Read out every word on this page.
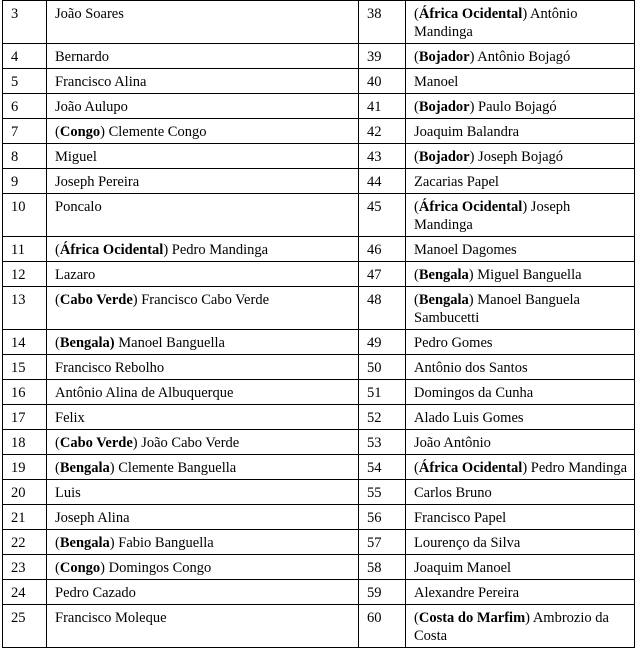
3	João Soares	38	(África Ocidental) Antônio Mandinga
4	Bernardo	39	(Bojador) Antônio Bojagó
5	Francisco Alina	40	Manoel
6	João Aulupo	41	(Bojador) Paulo Bojagó
7	(Congo) Clemente Congo	42	Joaquim Balandra
8	Miguel	43	(Bojador) Joseph Bojagó
9	Joseph Pereira	44	Zacarias Papel
10	Poncalo	45	(África Ocidental) Joseph Mandinga
11	(África Ocidental) Pedro Mandinga	46	Manoel Dagomes
12	Lazaro	47	(Bengala) Miguel Banguella
13	(Cabo Verde) Francisco Cabo Verde	48	(Bengala) Manoel Banguela Sambucetti
14	(Bengala) Manoel Banguella	49	Pedro Gomes
15	Francisco Rebolho	50	Antônio dos Santos
16	Antônio Alina de Albuquerque	51	Domingos da Cunha
17	Felix	52	Alado Luis Gomes
18	(Cabo Verde) João Cabo Verde	53	João Antônio
19	(Bengala) Clemente Banguella	54	(África Ocidental) Pedro Mandinga
20	Luis	55	Carlos Bruno
21	Joseph Alina	56	Francisco Papel
22	(Bengala) Fabio Banguella	57	Lourenço da Silva
23	(Congo) Domingos Congo	58	Joaquim Manoel
24	Pedro Cazado	59	Alexandre Pereira
25	Francisco Moleque	60	(Costa do Marfim) Ambrozio da Costa
